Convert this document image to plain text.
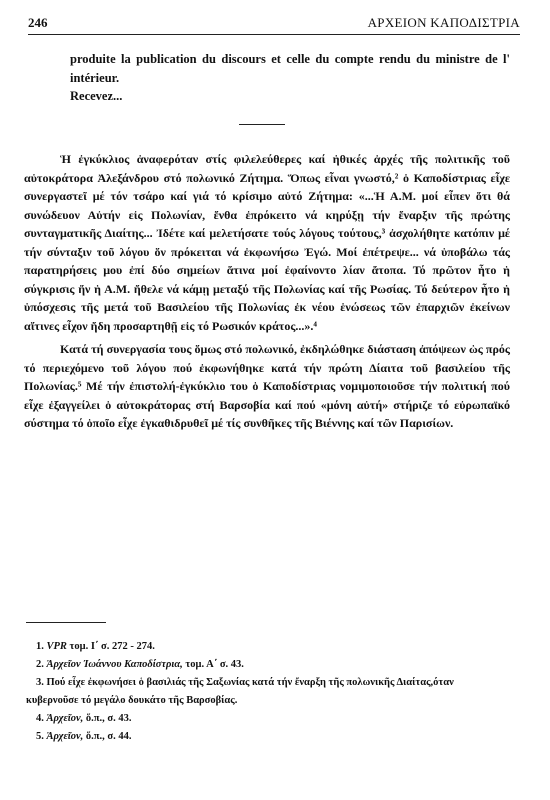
246	ΑΡΧΕΙΟΝ ΚΑΠΟΔΙΣΤΡΙΑ
produite la publication du discours et celle du compte rendu du ministre de l' intérieur.
Recevez...

Ἡ ἐγκύκλιος ἀναφερόταν στίς φιλελεύθερες καί ἠθικές ἀρχές τῆς πολιτικῆς τοῦ αὐτοκράτορα Ἀλεξάνδρου στό πολωνικό Ζήτημα. Ὅπως εἶναι γνωστό,² ὁ Καποδίστριας εἶχε συνεργαστεῖ μέ τόν τσάρο καί γιά τό κρίσιμο αὐτό Ζήτημα: «...Ἡ Α.Μ. μοί εἶπεν ὅτι θά συνώδευον Αὐτήν εἰς Πολωνίαν, ἔνθα ἐπρόκειτο νά κηρύξῃ τήν ἔναρξιν τῆς πρώτης συνταγματικῆς Διαίτης... Ἰδέτε καί μελετήσατε τούς λόγους τούτους,³ ἀσχολήθητε κατόπιν μέ τήν σύνταξιν τοῦ λόγου ὅν πρόκειται νά ἐκφωνήσω Ἐγώ. Μοί ἐπέτρεψε... νά ὑποβάλω τάς παρατηρήσεις μου ἐπί δύο σημείων ἅτινα μοί ἐφαίνοντο λίαν ἄτοπα. Τό πρῶτον ἦτο ἡ σύγκρισις ἥν ἡ Α.Μ. ἤθελε νά κάμῃ μεταξύ τῆς Πολωνίας καί τῆς Ρωσίας. Τό δεύτερον ἦτο ἡ ὑπόσχεσις τῆς μετά τοῦ Βασιλείου τῆς Πολωνίας ἐκ νέου ἑνώσεως τῶν ἐπαρχιῶν ἐκείνων αἵτινες εἶχον ἤδη προσαρτηθῇ εἰς τό Ρωσικόν κράτος...».⁴

Κατά τή συνεργασία τους ὅμως στό πολωνικό, ἐκδηλώθηκε διάσταση ἀπόψεων ὡς πρός τό περιεχόμενο τοῦ λόγου πού ἐκφωνήθηκε κατά τήν πρώτη Δίαιτα τοῦ βασιλείου τῆς Πολωνίας.⁵ Μέ τήν ἐπιστολή-ἐγκύκλιο του ὁ Καποδίστριας νομιμοποιοῦσε τήν πολιτική πού εἶχε ἐξαγγείλει ὁ αὐτοκράτορας στή Βαρσοβία καί πού «μόνη αὐτή» στήριζε τό εὐρωπαϊκό σύστημα τό ὁποῖο εἶχε ἐγκαθιδρυθεῖ μέ τίς συνθῆκες τῆς Βιέννης καί τῶν Παρισίων.

1. VPR τομ. Ι΄ σ. 272 - 274.

2. Ἀρχεῖον Ἰωάννου Καποδίστρια, τομ. Α΄ σ. 43.

3. Πού εἶχε ἐκφωνήσει ὁ βασιλιάς τῆς Σαξωνίας κατά τήν ἔναρξη τῆς πολωνικῆς Διαίτας,όταν

κυβερνοῦσε τό μεγάλο δουκάτο τῆς Βαρσοβίας.

4. Ἀρχεῖον, ὅ.π., σ. 43.

5. Ἀρχεῖον, ὅ.π., σ. 44.
